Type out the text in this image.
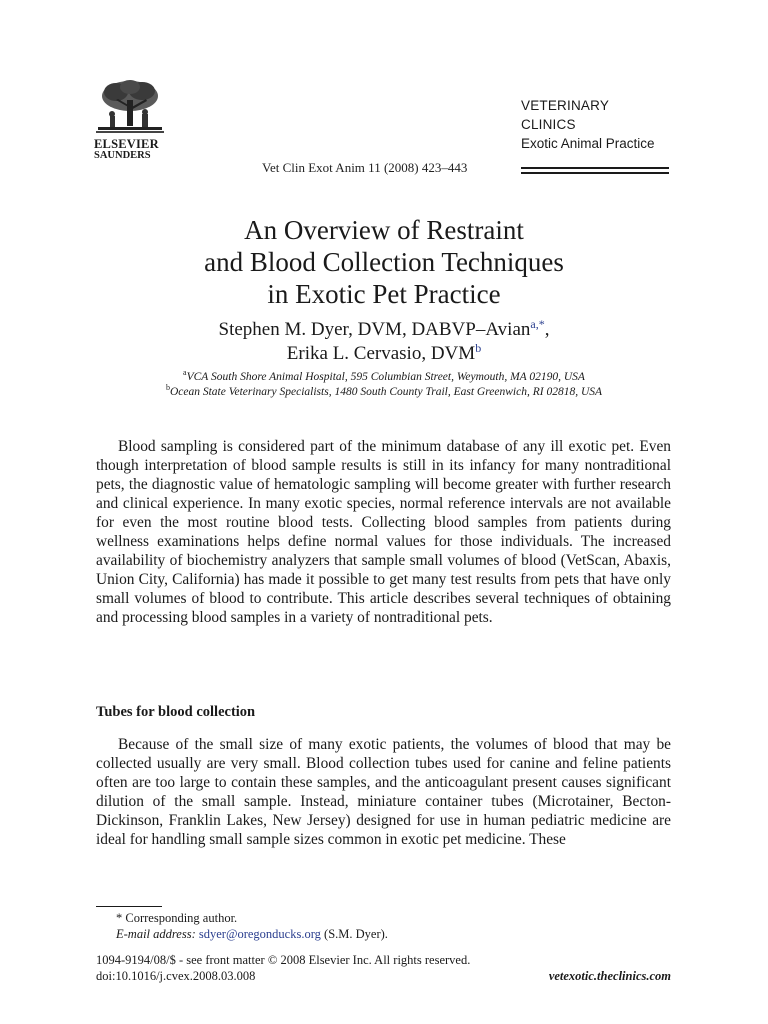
ELSEVIER
SAUNDERS
Vet Clin Exot Anim 11 (2008) 423–443
VETERINARY
CLINICS
Exotic Animal Practice
An Overview of Restraint
and Blood Collection Techniques
in Exotic Pet Practice
Stephen M. Dyer, DVM, DABVP–Avian$^{a,*}$,
Erika L. Cervasio, DVM$^b$
$^a$VCA South Shore Animal Hospital, 595 Columbian Street, Weymouth, MA 02190, USA
$^b$Ocean State Veterinary Specialists, 1480 South County Trail, East Greenwich, RI 02818, USA

Blood sampling is considered part of the minimum database of any ill exotic pet. Even though interpretation of blood sample results is still in its infancy for many nontraditional pets, the diagnostic value of hematologic sampling will become greater with further research and clinical experience. In many exotic species, normal reference intervals are not available for even the most routine blood tests. Collecting blood samples from patients during wellness examinations helps define normal values for those individuals. The increased availability of biochemistry analyzers that sample small volumes of blood (VetScan, Abaxis, Union City, California) has made it possible to get many test results from pets that have only small volumes of blood to contribute. This article describes several techniques of obtaining and processing blood samples in a variety of nontraditional pets.

Tubes for blood collection

Because of the small size of many exotic patients, the volumes of blood that may be collected usually are very small. Blood collection tubes used for canine and feline patients often are too large to contain these samples, and the anticoagulant present causes significant dilution of the small sample. Instead, miniature container tubes (Microtainer, Becton-Dickinson, Franklin Lakes, New Jersey) designed for use in human pediatric medicine are ideal for handling small sample sizes common in exotic pet medicine. These

* Corresponding author.
E-mail address: sdyer@oregonducks.org (S.M. Dyer).
1094-9194/08/$ - see front matter © 2008 Elsevier Inc. All rights reserved.
doi:10.1016/j.cvex.2008.03.008	vetexotic.theclinics.com
